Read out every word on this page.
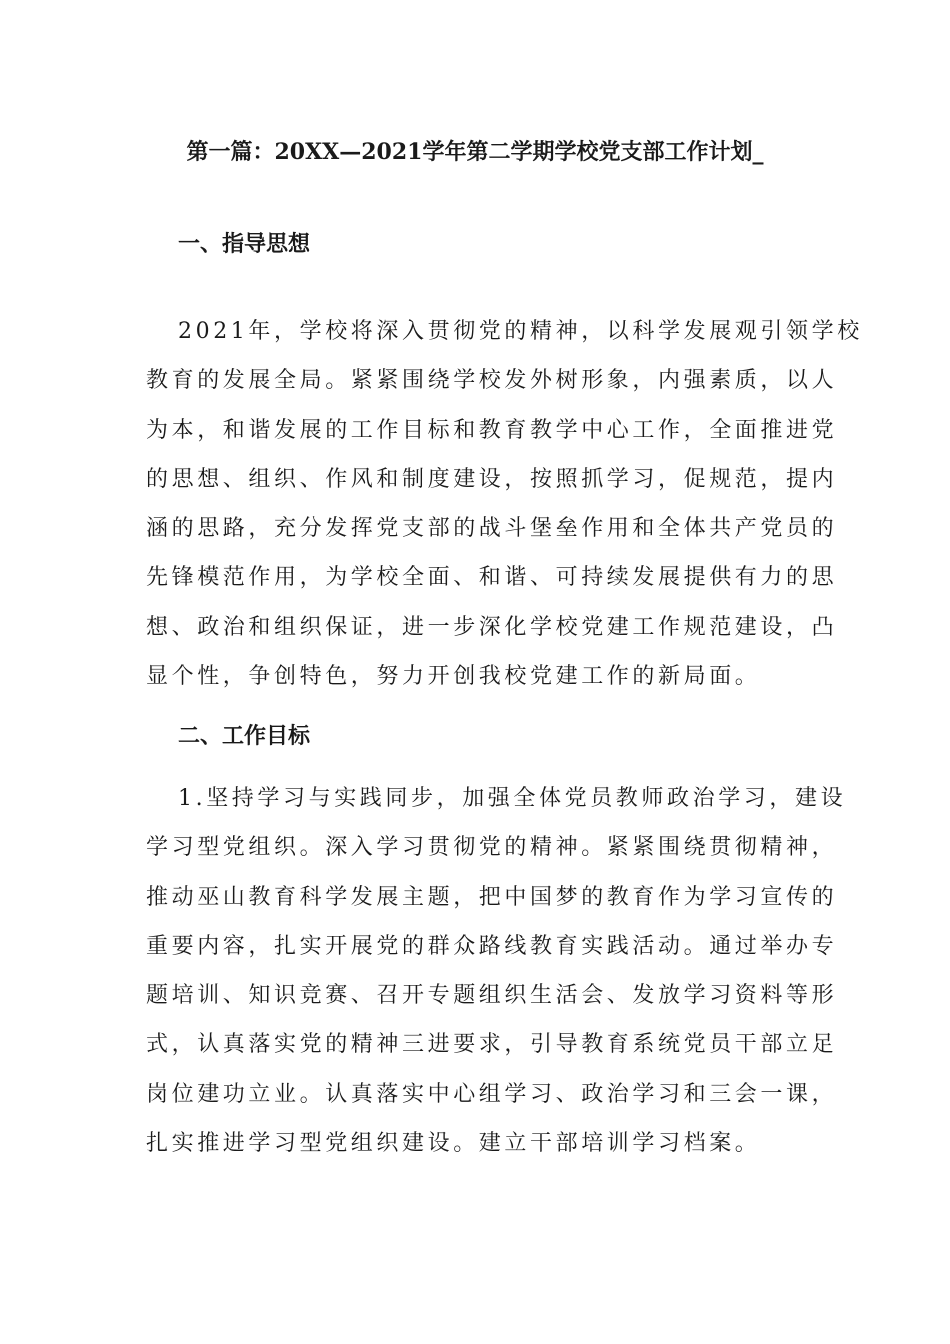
第一篇：20XX—2021学年第二学期学校党支部工作计划_
一、指导思想
2021年，学校将深入贯彻党的精神，以科学发展观引领学校
教育的发展全局。紧紧围绕学校发外树形象，内强素质，以人
为本，和谐发展的工作目标和教育教学中心工作，全面推进党
的思想、组织、作风和制度建设，按照抓学习，促规范，提内
涵的思路，充分发挥党支部的战斗堡垒作用和全体共产党员的
先锋模范作用，为学校全面、和谐、可持续发展提供有力的思
想、政治和组织保证，进一步深化学校党建工作规范建设，凸
显个性，争创特色，努力开创我校党建工作的新局面。
二、工作目标
1.坚持学习与实践同步，加强全体党员教师政治学习，建设
学习型党组织。深入学习贯彻党的精神。紧紧围绕贯彻精神，
推动巫山教育科学发展主题，把中国梦的教育作为学习宣传的
重要内容，扎实开展党的群众路线教育实践活动。通过举办专
题培训、知识竞赛、召开专题组织生活会、发放学习资料等形
式，认真落实党的精神三进要求，引导教育系统党员干部立足
岗位建功立业。认真落实中心组学习、政治学习和三会一课，
扎实推进学习型党组织建设。建立干部培训学习档案。
